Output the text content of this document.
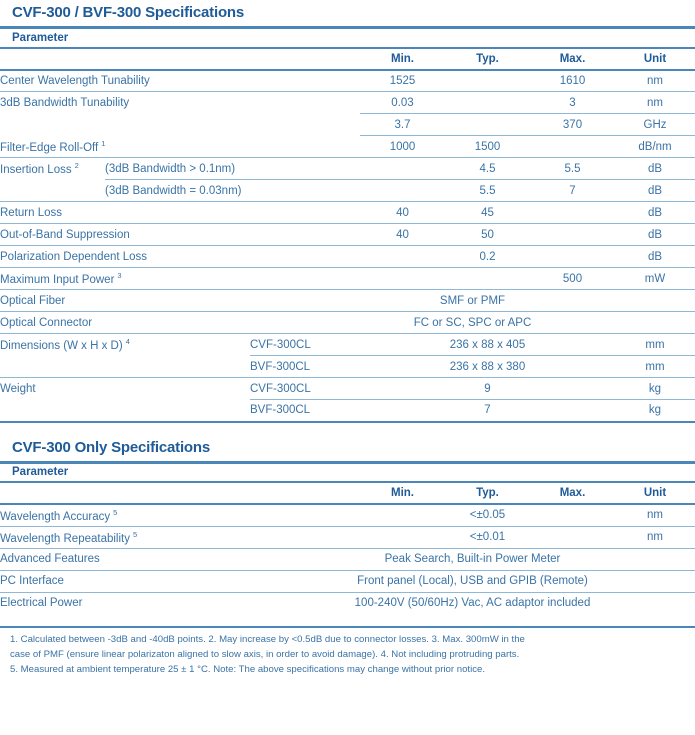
CVF-300 / BVF-300 Specifications
Parameter						
			Min.	Typ.	Max.	Unit
Center Wavelength Tunability			1525		1610	nm
3dB Bandwidth Tunability			0.03		3	nm
			3.7		370	GHz
Filter-Edge Roll-Off $^1$			1000	1500		dB/nm
Insertion Loss $^2$	(3dB Bandwidth > 0.1nm)			4.5	5.5	dB
	(3dB Bandwidth = 0.03nm)			5.5	7	dB
Return Loss			40	45		dB
Out-of-Band Suppression			40	50		dB
Polarization Dependent Loss				0.2		dB
Maximum Input Power $^3$					500	mW
Optical Fiber		SMF or PMF				
Optical Connector		FC or SC, SPC or APC				
Dimensions (W x H x D) $^4$		CVF-300CL	236 x 88 x 405			mm
		BVF-300CL	236 x 88 x 380			mm
Weight		CVF-300CL	9			kg
		BVF-300CL	7			kg
CVF-300 Only Specifications
Parameter						
			Min.	Typ.	Max.	Unit
Wavelength Accuracy $^5$				<±0.05		nm
Wavelength Repeatability $^5$				<±0.01		nm
Advanced Features		Peak Search, Built-in Power Meter				
PC Interface		Front panel (Local), USB and GPIB (Remote)				
Electrical Power		100-240V (50/60Hz) Vac, AC adaptor included				

1. Calculated between -3dB and -40dB points. 2. May increase by <0.5dB due to connector losses. 3. Max. 300mW in the

case of PMF (ensure linear polarizaton aligned to slow axis, in order to avoid damage). 4. Not including protruding parts.

5. Measured at ambient temperature 25 ± 1 °C. Note: The above specifications may change without prior notice.
